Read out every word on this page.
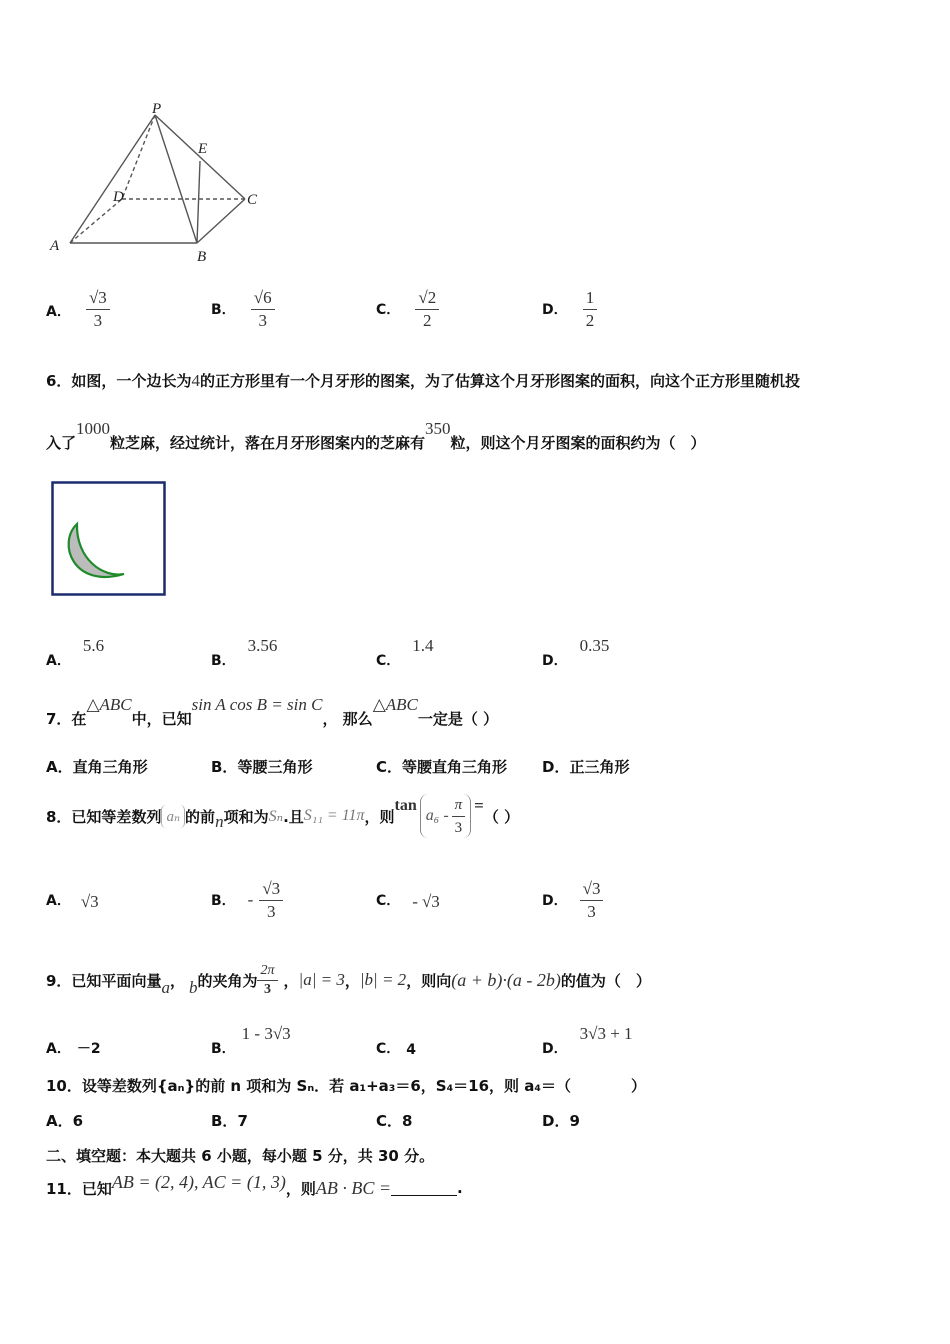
P
E
D	C
A
B
A． $\frac{√3}{3}$	B． $\frac{√6}{3}$	C． $\frac{√2}{2}$	D． $\frac{1}{2}$
6．如图，一个边长为4的正方形里有一个月牙形的图案，为了估算这个月牙形图案的面积，向这个正方形里随机投
入了1000粒芝麻，经过统计，落在月牙形图案内的芝麻有350粒，则这个月牙图案的面积约为（　）
A．5.6
B．3.56
C．1.4
D．0.35
7．在△ABC中，已知sin A cos B = sin C， 那么△ABC一定是（ ）
A．直角三角形	B．等腰三角形	C．等腰直角三角形 D．正三角形
8．已知等差数列 aₙ 的前 n 项和为 Sₙ .且 S₁₁ = 11π ，则
tan
$a_6 - \frac{\pi}{3}$ =
（ ）
A． √3	B． - $\frac{√3}{3}$	C． - √3	D． $\frac{√3}{3}$
9．已知平面向量 a ， b 的夹角为 $\frac{2\pi}{3}$ ， |a| = 3 ， |b| = 2 ，则向 (a + b)·(a - 2b) 的值为（　）
A． －2	B．
1 - 3√3
C． 4	D．
3√3 + 1
10．设等差数列{aₙ}的前 n 项和为 Sₙ．若 a₁+a₃＝6，S₄＝16，则 a₄＝（　　　　）
A．6	B．7	C．8	D．9
二、填空题：本大题共 6 小题，每小题 5 分，共 30 分。
11．已知 AB = (2, 4), AC = (1, 3) ，则 AB · BC =	.
